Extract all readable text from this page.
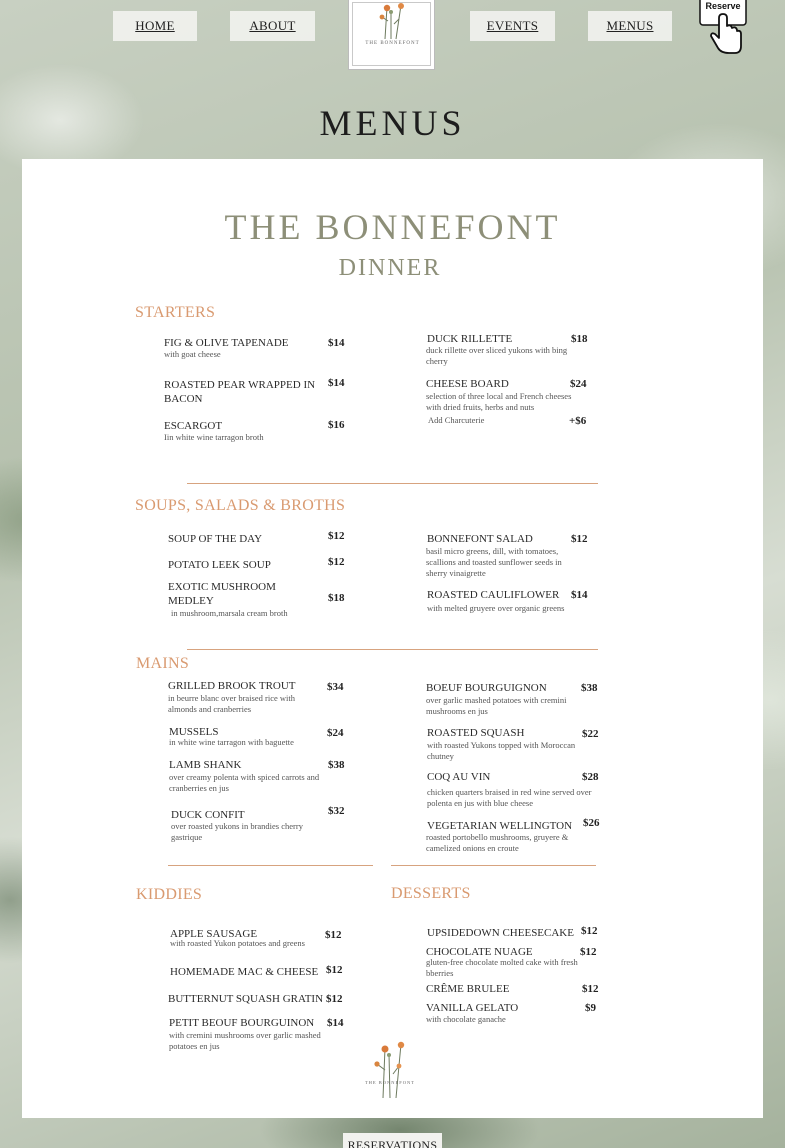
HOME	ABOUT
THE BONNEFONT
EVENTS	MENUS
Reserve
MENUS
THE BONNEFONT
DINNER
STARTERS
FIG & OLIVE TAPENADE
with goat cheese
$14
ROASTED PEAR WRAPPED IN BACON
$14
ESCARGOT
Iin white wine tarragon broth
$16
DUCK RILLETTE
duck rillette over sliced yukons with bing cherry
$18
CHEESE BOARD
selection of three local and French cheeses with dried fruits, herbs and nuts
$24
Add Charcuterie	+$6
SOUPS, SALADS & BROTHS
SOUP OF THE DAY	$12
POTATO LEEK SOUP	$12
EXOTIC MUSHROOM MEDLEY
in mushroom,marsala cream broth
$18
BONNEFONT SALAD
basil micro greens, dill, with tomatoes, scallions and toasted sunflower seeds in sherry vinaigrette
$12
ROASTED CAULIFLOWER
with melted gruyere over organic greens
$14
MAINS
GRILLED BROOK TROUT
in beurre blanc over braised rice with almonds and cranberries
$34
MUSSELS
in white wine tarragon with baguette
$24
LAMB SHANK
over creamy polenta with spiced carrots and cranberries en jus
$38
DUCK CONFIT
over roasted yukons in brandies cherry gastrique
$32
BOEUF BOURGUIGNON
over garlic mashed potatoes with cremini mushrooms en jus
$38
ROASTED SQUASH
with roasted Yukons topped with Moroccan chutney
$22
COQ AU VIN
chicken quarters braised in red wine served over polenta en jus with blue cheese
$28
VEGETARIAN WELLINGTON
roasted portobello mushrooms, gruyere & camelized onions en croute
$26
KIDDIES
APPLE SAUSAGE
with roasted Yukon potatoes and greens
$12
HOMEMADE MAC & CHEESE $12
BUTTERNUT SQUASH GRATIN $12
PETIT BEOUF BOURGUINON
with cremini mushrooms over garlic mashed potatoes en jus
$14
DESSERTS
UPSIDEDOWN CHEESECAKE $12
CHOCOLATE NUAGE
gluten-free chocolate molted cake with fresh bberries
$12
CRÊME BRULEE	$12
VANILLA GELATO
with chocolate ganache
$9
THE BONNEFONT
RESERVATIONS
